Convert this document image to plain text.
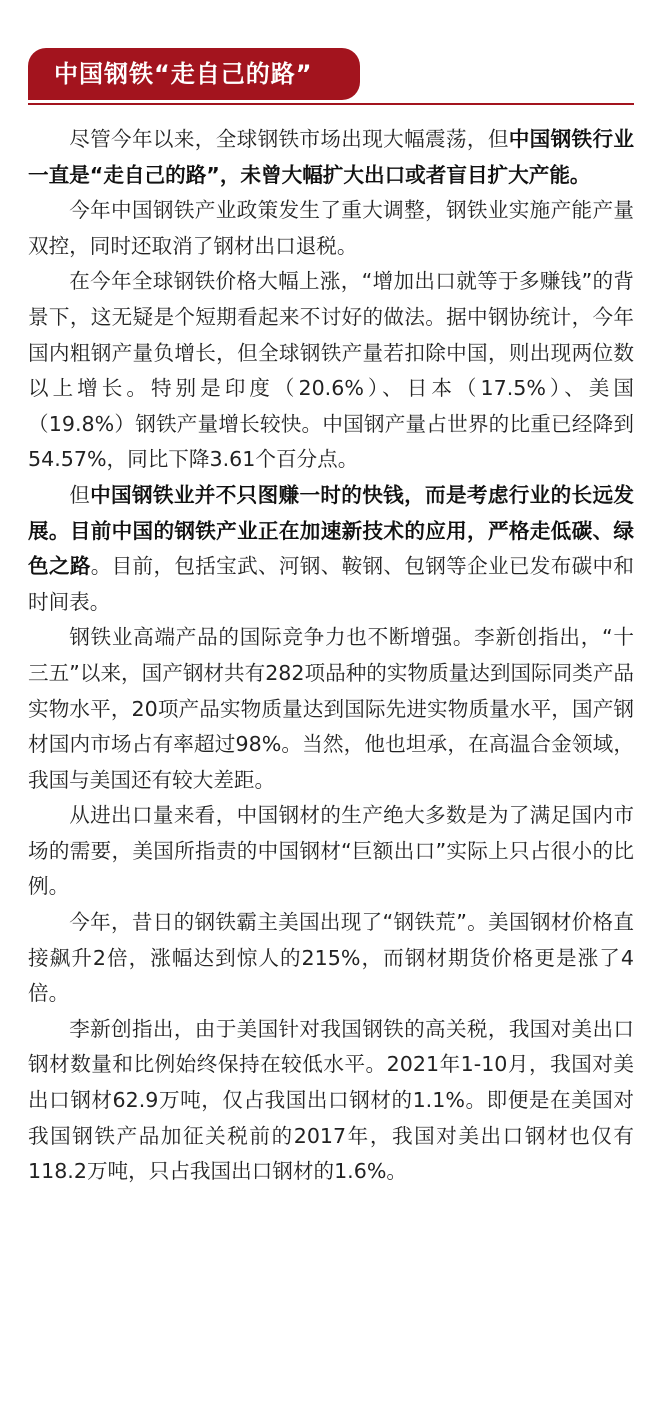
中国钢铁“走自己的路”

尽管今年以来，全球钢铁市场出现大幅震荡，但中国钢铁行业一直是“走自己的路”，未曾大幅扩大出口或者盲目扩大产能。

今年中国钢铁产业政策发生了重大调整，钢铁业实施产能产量双控，同时还取消了钢材出口退税。

在今年全球钢铁价格大幅上涨，“增加出口就等于多赚钱”的背景下，这无疑是个短期看起来不讨好的做法。据中钢协统计，今年国内粗钢产量负增长，但全球钢铁产量若扣除中国，则出现两位数以上增长。特别是印度（20.6%）、日本（17.5%）、美国（19.8%）钢铁产量增长较快。中国钢产量占世界的比重已经降到54.57%，同比下降3.61个百分点。

但中国钢铁业并不只图赚一时的快钱，而是考虑行业的长远发展。目前中国的钢铁产业正在加速新技术的应用，严格走低碳、绿色之路。目前，包括宝武、河钢、鞍钢、包钢等企业已发布碳中和时间表。

钢铁业高端产品的国际竞争力也不断增强。李新创指出，“十三五”以来，国产钢材共有282项品种的实物质量达到国际同类产品实物水平，20项产品实物质量达到国际先进实物质量水平，国产钢材国内市场占有率超过98%。当然，他也坦承，在高温合金领域，我国与美国还有较大差距。

从进出口量来看，中国钢材的生产绝大多数是为了满足国内市场的需要，美国所指责的中国钢材“巨额出口”实际上只占很小的比例。

今年，昔日的钢铁霸主美国出现了“钢铁荒”。美国钢材价格直接飙升2倍，涨幅达到惊人的215%，而钢材期货价格更是涨了4倍。

李新创指出，由于美国针对我国钢铁的高关税，我国对美出口钢材数量和比例始终保持在较低水平。2021年1-10月，我国对美出口钢材62.9万吨，仅占我国出口钢材的1.1%。即便是在美国对我国钢铁产品加征关税前的2017年，我国对美出口钢材也仅有118.2万吨，只占我国出口钢材的1.6%。
